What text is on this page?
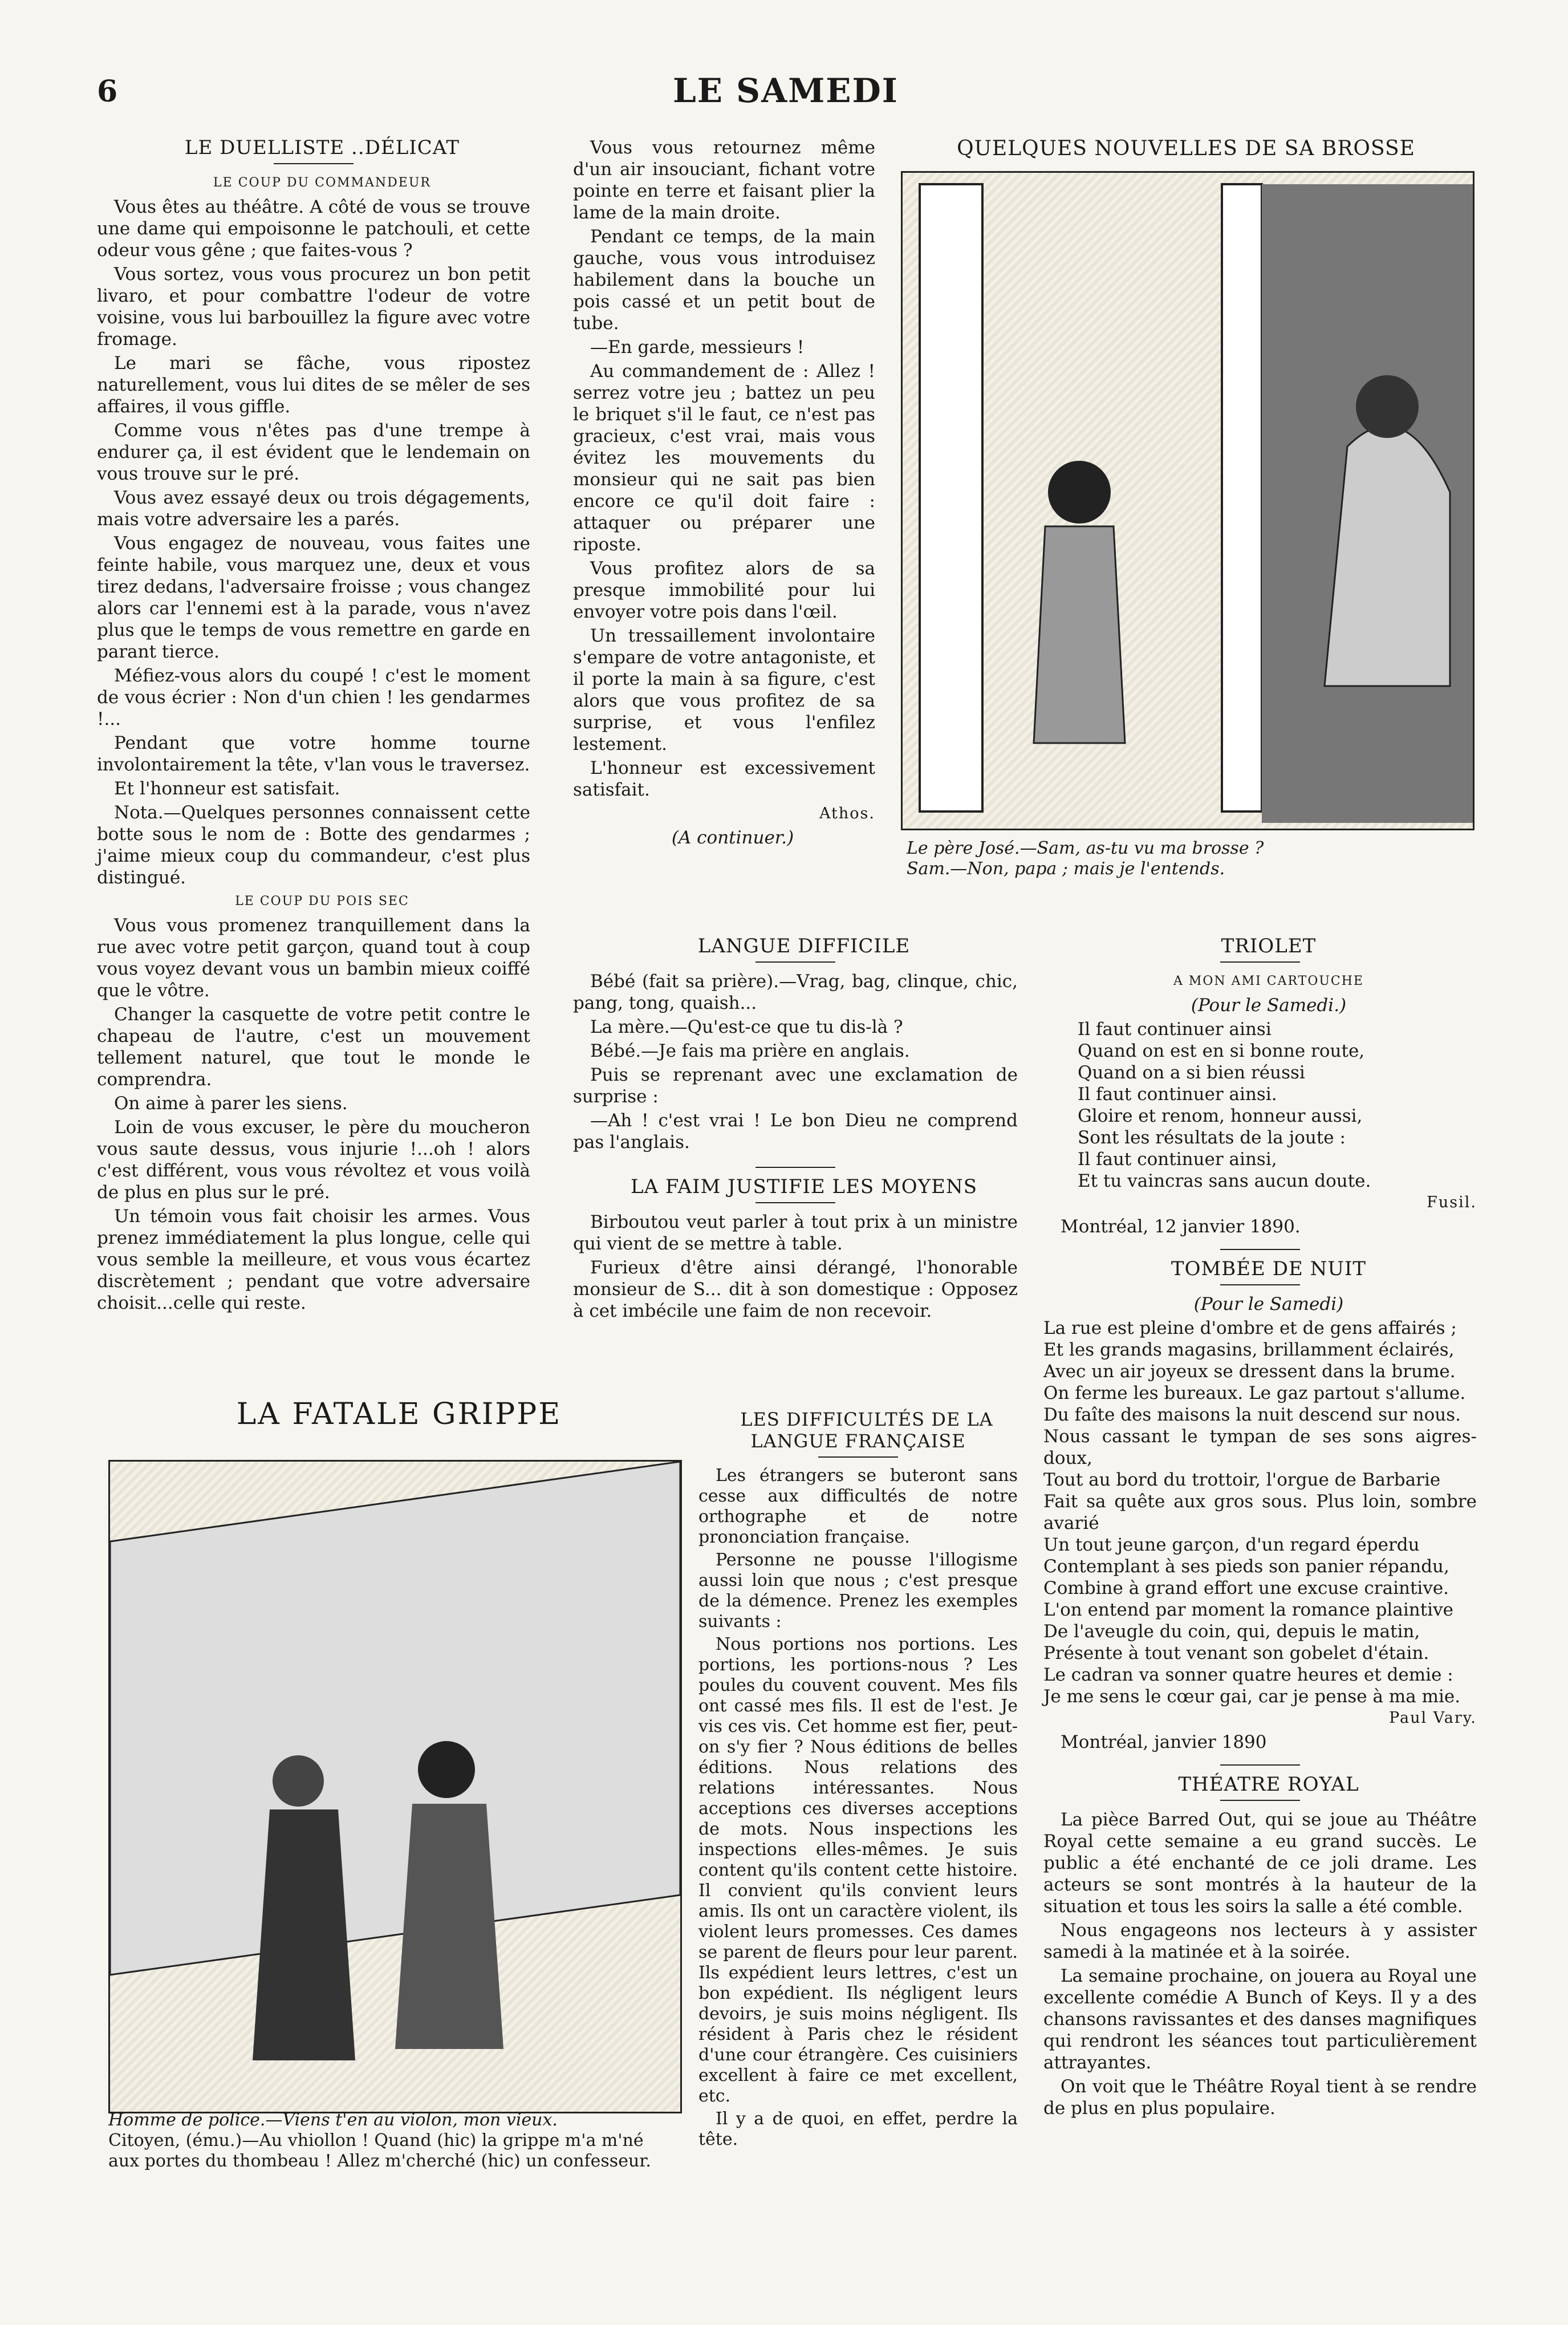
6	LE SAMEDI

LE DUELLISTE ..DÉLICAT

LE COUP DU COMMANDEUR

Vous êtes au théâtre. A côté de vous se trouve une dame qui empoisonne le patchouli, et cette odeur vous gêne ; que faites-vous ?

Vous sortez, vous vous procurez un bon petit livaro, et pour combattre l'odeur de votre voisine, vous lui barbouillez la figure avec votre fromage.

Le mari se fâche, vous ripostez naturellement, vous lui dites de se mêler de ses affaires, il vous giffle.

Comme vous n'êtes pas d'une trempe à endurer ça, il est évident que le lendemain on vous trouve sur le pré.

Vous avez essayé deux ou trois dégagements, mais votre adversaire les a parés.

Vous engagez de nouveau, vous faites une feinte habile, vous marquez une, deux et vous tirez dedans, l'adversaire froisse ; vous changez alors car l'ennemi est à la parade, vous n'avez plus que le temps de vous remettre en garde en parant tierce.

Méfiez-vous alors du coupé ! c'est le moment de vous écrier : Non d'un chien ! les gendarmes !...

Pendant que votre homme tourne involontairement la tête, v'lan vous le traversez.

Et l'honneur est satisfait.

Nota.—Quelques personnes connaissent cette botte sous le nom de : Botte des gendarmes ; j'aime mieux coup du commandeur, c'est plus distingué.

LE COUP DU POIS SEC

Vous vous promenez tranquillement dans la rue avec votre petit garçon, quand tout à coup vous voyez devant vous un bambin mieux coiffé que le vôtre.

Changer la casquette de votre petit contre le chapeau de l'autre, c'est un mouvement tellement naturel, que tout le monde le comprendra.

On aime à parer les siens.

Loin de vous excuser, le père du moucheron vous saute dessus, vous injurie !...oh ! alors c'est différent, vous vous révoltez et vous voilà de plus en plus sur le pré.

Un témoin vous fait choisir les armes. Vous prenez immédiatement la plus longue, celle qui vous semble la meilleure, et vous vous écartez discrètement ; pendant que votre adversaire choisit...celle qui reste.

Vous vous retournez même d'un air insouciant, fichant votre pointe en terre et faisant plier la lame de la main droite.

Pendant ce temps, de la main gauche, vous vous introduisez habilement dans la bouche un pois cassé et un petit bout de tube.

—En garde, messieurs !

Au commandement de : Allez ! serrez votre jeu ; battez un peu le briquet s'il le faut, ce n'est pas gracieux, c'est vrai, mais vous évitez les mouvements du monsieur qui ne sait pas bien encore ce qu'il doit faire : attaquer ou préparer une riposte.

Vous profitez alors de sa presque immobilité pour lui envoyer votre pois dans l'œil.

Un tressaillement involontaire s'empare de votre antagoniste, et il porte la main à sa figure, c'est alors que vous profitez de sa surprise, et vous l'enfilez lestement.

L'honneur est excessivement satisfait.

Athos.

(A continuer.)

QUELQUES NOUVELLES DE SA BROSSE
Le père José.—Sam, as-tu vu ma brosse ?
Sam.—Non, papa ; mais je l'entends.

LANGUE DIFFICILE

Bébé (fait sa prière).—Vrag, bag, clinque, chic, pang, tong, quaish...

La mère.—Qu'est-ce que tu dis-là ?

Bébé.—Je fais ma prière en anglais.

Puis se reprenant avec une exclamation de surprise :

—Ah ! c'est vrai ! Le bon Dieu ne comprend pas l'anglais.

LA FAIM JUSTIFIE LES MOYENS

Birboutou veut parler à tout prix à un ministre qui vient de se mettre à table.

Furieux d'être ainsi dérangé, l'honorable monsieur de S... dit à son domestique : Opposez à cet imbécile une faim de non recevoir.

TRIOLET

A MON AMI CARTOUCHE

(Pour le Samedi.)

Il faut continuer ainsi

Quand on est en si bonne route,

Quand on a si bien réussi

Il faut continuer ainsi.

Gloire et renom, honneur aussi,

Sont les résultats de la joute :

Il faut continuer ainsi,

Et tu vaincras sans aucun doute.

Fusil.

Montréal, 12 janvier 1890.

TOMBÉE DE NUIT

(Pour le Samedi)

La rue est pleine d'ombre et de gens affairés ;

Et les grands magasins, brillamment éclairés,

Avec un air joyeux se dressent dans la brume.

On ferme les bureaux. Le gaz partout s'allume.

Du faîte des maisons la nuit descend sur nous.

Nous cassant le tympan de ses sons aigres-doux,

Tout au bord du trottoir, l'orgue de Barbarie

Fait sa quête aux gros sous. Plus loin, sombre avarié

Un tout jeune garçon, d'un regard éperdu

Contemplant à ses pieds son panier répandu,

Combine à grand effort une excuse craintive.

L'on entend par moment la romance plaintive

De l'aveugle du coin, qui, depuis le matin,

Présente à tout venant son gobelet d'étain.

Le cadran va sonner quatre heures et demie :

Je me sens le cœur gai, car je pense à ma mie.

Paul Vary.

Montréal, janvier 1890

THÉATRE ROYAL

La pièce Barred Out, qui se joue au Théâtre Royal cette semaine a eu grand succès. Le public a été enchanté de ce joli drame. Les acteurs se sont montrés à la hauteur de la situation et tous les soirs la salle a été comble.

Nous engageons nos lecteurs à y assister samedi à la matinée et à la soirée.

La semaine prochaine, on jouera au Royal une excellente comédie A Bunch of Keys. Il y a des chansons ravissantes et des danses magnifiques qui rendront les séances tout particulièrement attrayantes.

On voit que le Théâtre Royal tient à se rendre de plus en plus populaire.

LA FATALE GRIPPE
Homme de police.—Viens t'en au violon, mon vieux.
Citoyen, (ému.)—Au vhiollon ! Quand (hic) la grippe m'a m'né aux portes du thombeau ! Allez m'cherché (hic) un confesseur.

LES DIFFICULTÉS DE LA LANGUE FRANÇAISE

Les étrangers se buteront sans cesse aux difficultés de notre orthographe et de notre prononciation française.

Personne ne pousse l'illogisme aussi loin que nous ; c'est presque de la démence. Prenez les exemples suivants :

Nous portions nos portions. Les portions, les portions-nous ? Les poules du couvent couvent. Mes fils ont cassé mes fils. Il est de l'est. Je vis ces vis. Cet homme est fier, peut-on s'y fier ? Nous éditions de belles éditions. Nous relations des relations intéressantes. Nous acceptions ces diverses acceptions de mots. Nous inspections les inspections elles-mêmes. Je suis content qu'ils content cette histoire. Il convient qu'ils convient leurs amis. Ils ont un caractère violent, ils violent leurs promesses. Ces dames se parent de fleurs pour leur parent. Ils expédient leurs lettres, c'est un bon expédient. Ils négligent leurs devoirs, je suis moins négligent. Ils résident à Paris chez le résident d'une cour étrangère. Ces cuisiniers excellent à faire ce met excellent, etc.

Il y a de quoi, en effet, perdre la tête.
